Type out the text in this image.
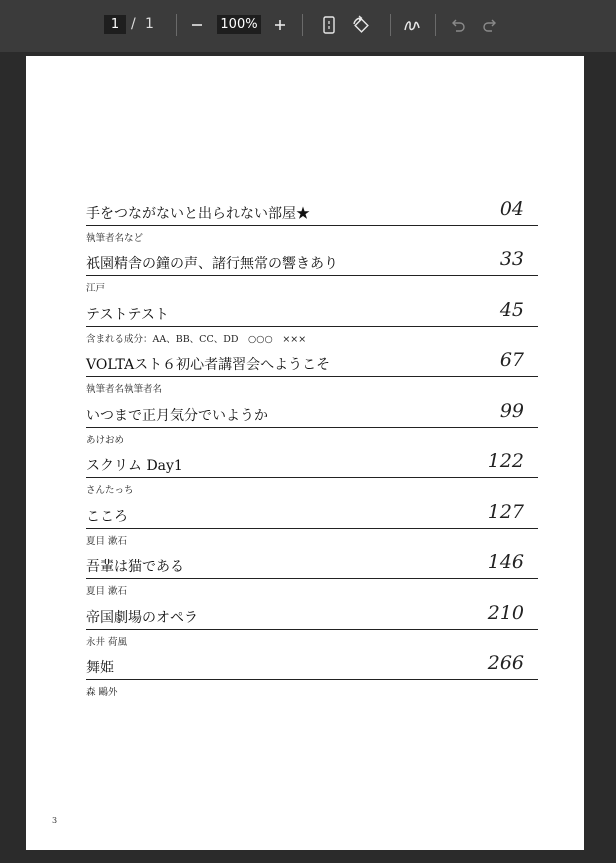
1 / 1	100%
手をつながないと出られない部屋★	04
執筆者名など
祇園精舎の鐘の声、諸行無常の響きあり	33
江戸
テストテスト	45
含まれる成分：AA、BB、CC、DD　○○○　×××
VOLTAスト６初心者講習会へようこそ	67
執筆者名執筆者名
いつまで正月気分でいようか	99
あけおめ
スクリム Day1	122
さんたっち
こころ	127
夏目 漱石
吾輩は猫である	146
夏目 漱石
帝国劇場のオペラ	210
永井 荷風
舞姫	266
森 鷗外
3
